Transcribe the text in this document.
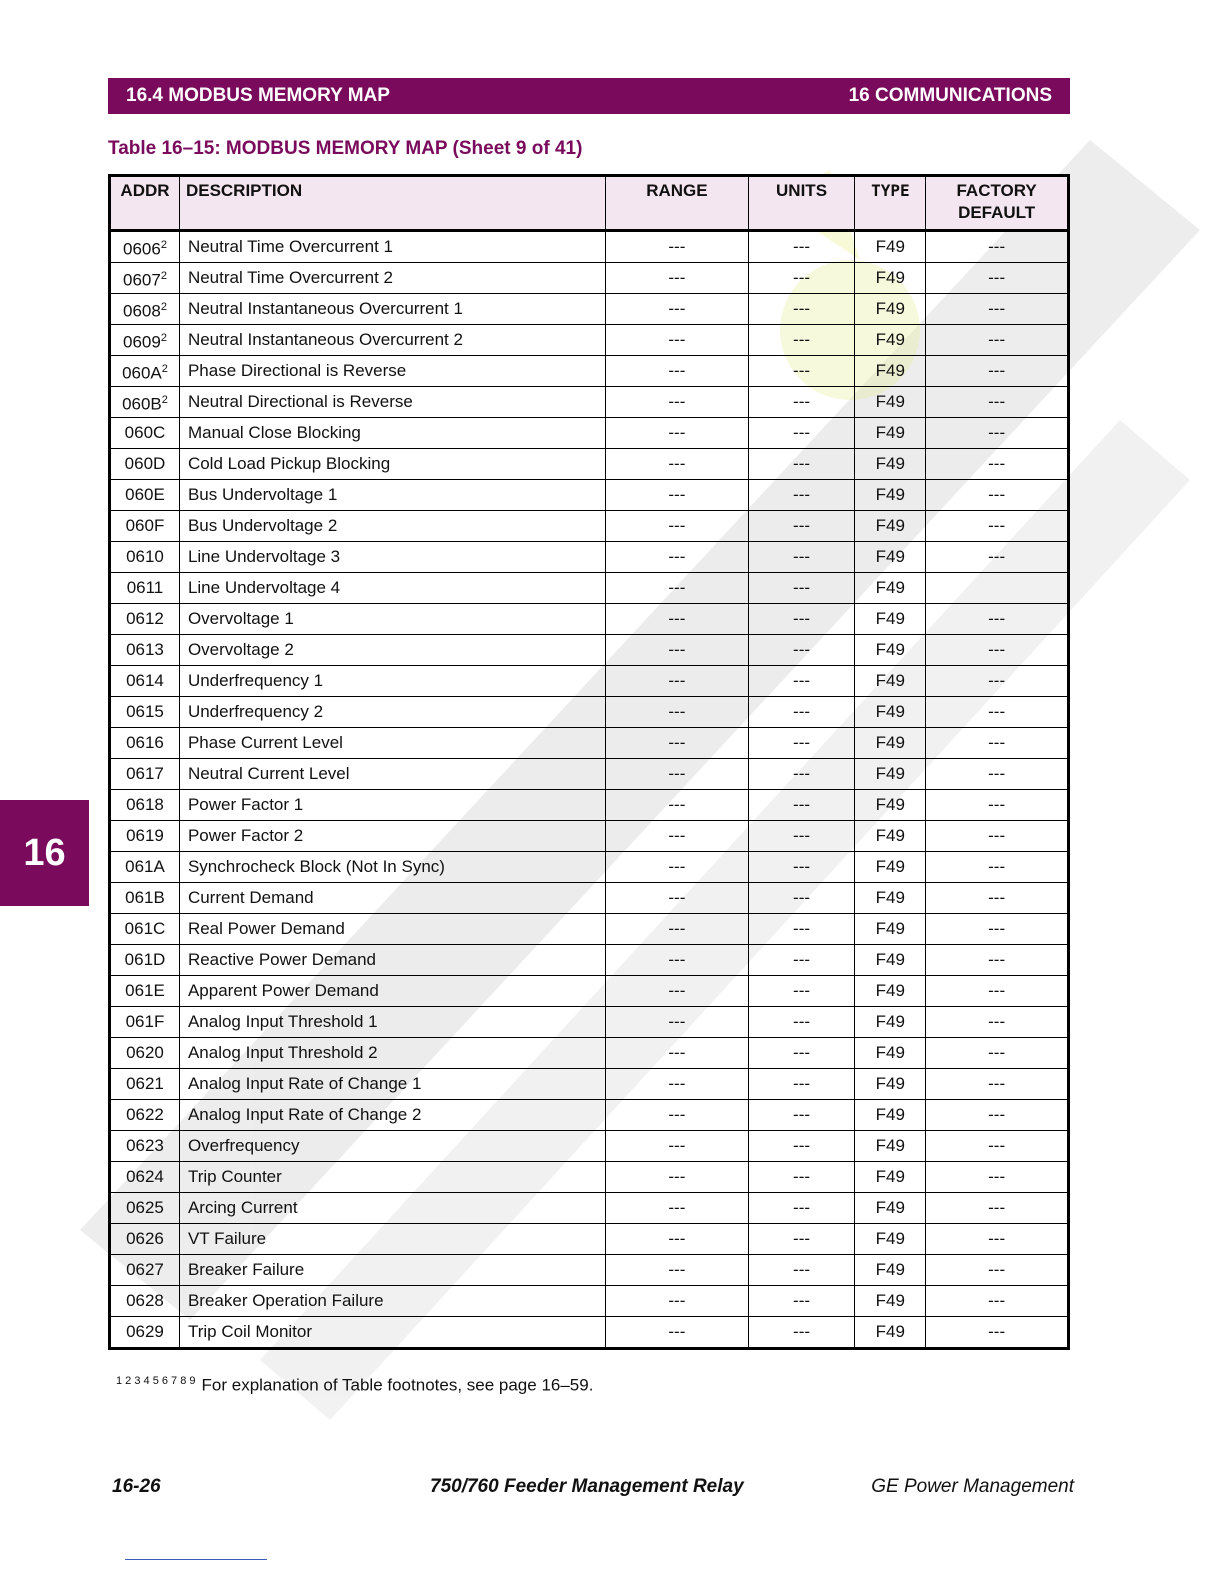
16.4 MODBUS MEMORY MAP	16 COMMUNICATIONS
Table 16–15: MODBUS MEMORY MAP (Sheet 9 of 41)
ADDR	DESCRIPTION	RANGE	UNITS	TYPE	FACTORY DEFAULT
0606$^2$	Neutral Time Overcurrent 1	---	---	F49	---
0607$^2$	Neutral Time Overcurrent 2	---	---	F49	---
0608$^2$	Neutral Instantaneous Overcurrent 1	---	---	F49	---
0609$^2$	Neutral Instantaneous Overcurrent 2	---	---	F49	---
$060A^2$	Phase Directional is Reverse	---	---	F49	---
$060B^2$	Neutral Directional is Reverse	---	---	F49	---
060C	Manual Close Blocking	---	---	F49	---
060D	Cold Load Pickup Blocking	---	---	F49	---
060E	Bus Undervoltage 1	---	---	F49	---
060F	Bus Undervoltage 2	---	---	F49	---
0610	Line Undervoltage 3	---	---	F49	---
0611	Line Undervoltage 4	---	---	F49	
0612	Overvoltage 1	---	---	F49	---
0613	Overvoltage 2	---	---	F49	---
0614	Underfrequency 1	---	---	F49	---
0615	Underfrequency 2	---	---	F49	---
0616	Phase Current Level	---	---	F49	---
0617	Neutral Current Level	---	---	F49	---
0618	Power Factor 1	---	---	F49	---
0619	Power Factor 2	---	---	F49	---
061A	Synchrocheck Block (Not In Sync)	---	---	F49	---
061B	Current Demand	---	---	F49	---
061C	Real Power Demand	---	---	F49	---
061D	Reactive Power Demand	---	---	F49	---
061E	Apparent Power Demand	---	---	F49	---
061F	Analog Input Threshold 1	---	---	F49	---
0620	Analog Input Threshold 2	---	---	F49	---
0621	Analog Input Rate of Change 1	---	---	F49	---
0622	Analog Input Rate of Change 2	---	---	F49	---
0623	Overfrequency	---	---	F49	---
0624	Trip Counter	---	---	F49	---
0625	Arcing Current	---	---	F49	---
0626	VT Failure	---	---	F49	---
0627	Breaker Failure	---	---	F49	---
0628	Breaker Operation Failure	---	---	F49	---
0629	Trip Coil Monitor	---	---	F49	---
$^{1 2 3 4 5 6 7 8 9}$ For explanation of Table footnotes, see page 16–59.
16
16-26	750/760 Feeder Management Relay	GE Power Management
